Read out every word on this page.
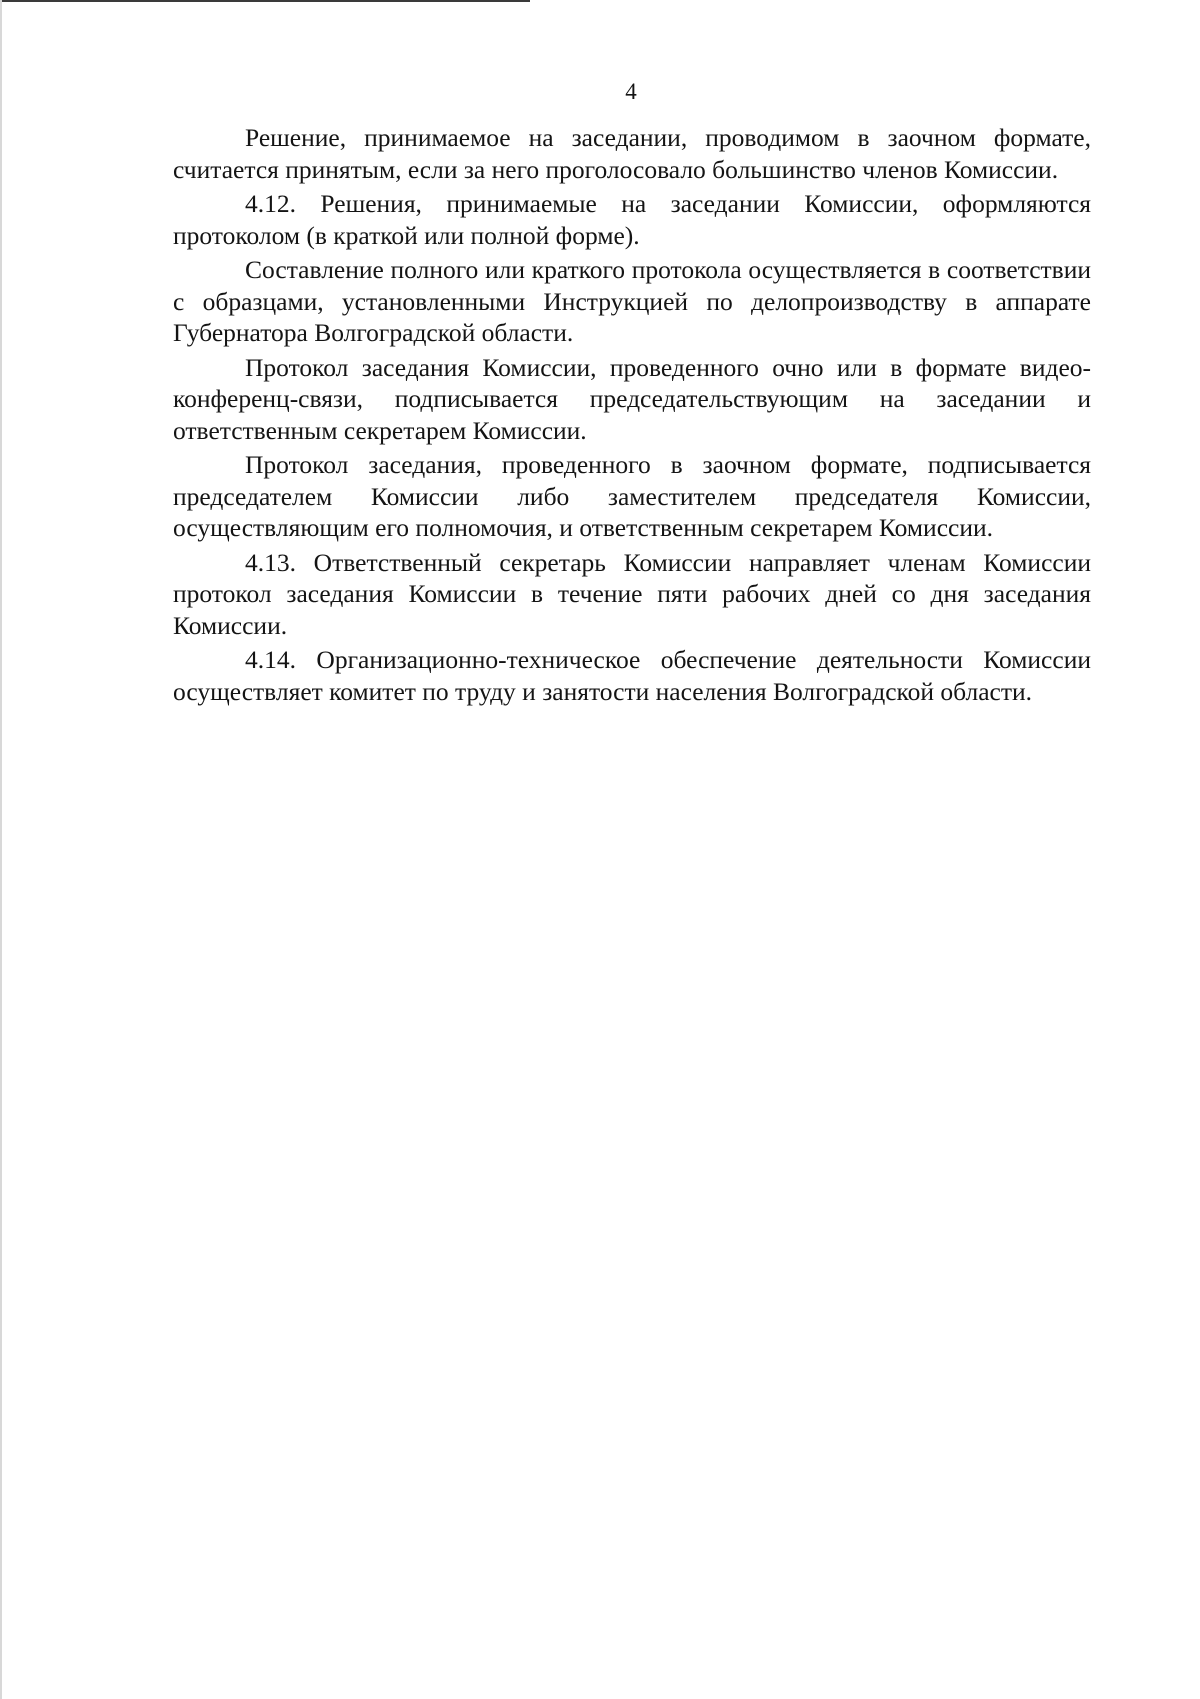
4

Решение, принимаемое на заседании, проводимом в заочном формате, считается принятым, если за него проголосовало большинство членов Комиссии.

4.12. Решения, принимаемые на заседании Комиссии, оформляются протоколом (в краткой или полной форме).

Составление полного или краткого протокола осуществляется в соответствии с образцами, установленными Инструкцией по делопроизводству в аппарате Губернатора Волгоградской области.

Протокол заседания Комиссии, проведенного очно или в формате видео-конференц-связи, подписывается председательствующим на заседании и ответственным секретарем Комиссии.

Протокол заседания, проведенного в заочном формате, подписывается председателем Комиссии либо заместителем председателя Комиссии, осуществляющим его полномочия, и ответственным секретарем Комиссии.

4.13. Ответственный секретарь Комиссии направляет членам Комиссии протокол заседания Комиссии в течение пяти рабочих дней со дня заседания Комиссии.

4.14. Организационно-техническое обеспечение деятельности Комиссии осуществляет комитет по труду и занятости населения Волгоградской области.
